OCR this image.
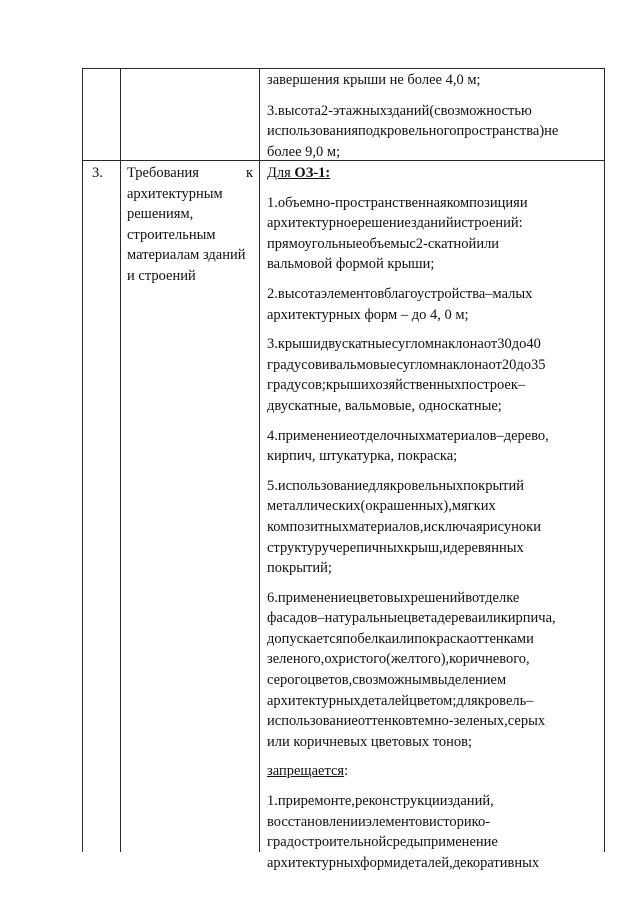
завершения крыши не более 4,0 м;
3.высота2-этажныхзданий(свозможностью
использованияподкровельногопространства)не
более 9,0 м;
3.	Требования	к
архитектурным
решениям,
строительным
материалам зданий
и строений
Для ОЗ-1:
1.объемно-пространственнаякомпозицияи
архитектурноерешениезданийистроений:
прямоугольныеобъемыс2-скатнойили
вальмовой формой крыши;
2.высотаэлементовблагоустройства–малых
архитектурных форм – до 4, 0 м;
3.крышидвускатныесугломнаклонаот30до40
градусовивальмовыесугломнаклонаот20до35
градусов;крышихозяйственныхпостроек–
двускатные, вальмовые, односкатные;
4.применениеотделочныхматериалов–дерево,
кирпич, штукатурка, покраска;
5.использованиедлякровельныхпокрытий
металлических(окрашенных),мягких
композитныхматериалов,исключаярисуноки
структуручерепичныхкрыш,идеревянных
покрытий;
6.применениецветовыхрешенийвотделке
фасадов–натуральныецветадереваиликирпича,
допускаетсяпобелкаилипокраскаоттенками
зеленого,охристого(желтого),коричневого,
серогоцветов,свозможнымвыделением
архитектурныхдеталейцветом;длякровель–
использованиеоттенковтемно-зеленых,серых
или коричневых цветовых тонов;
запрещается:
1.приремонте,реконструкциизданий,
восстановленииэлементовисторико-
градостроительнойсредыприменение
архитектурныхформидеталей,декоративных
